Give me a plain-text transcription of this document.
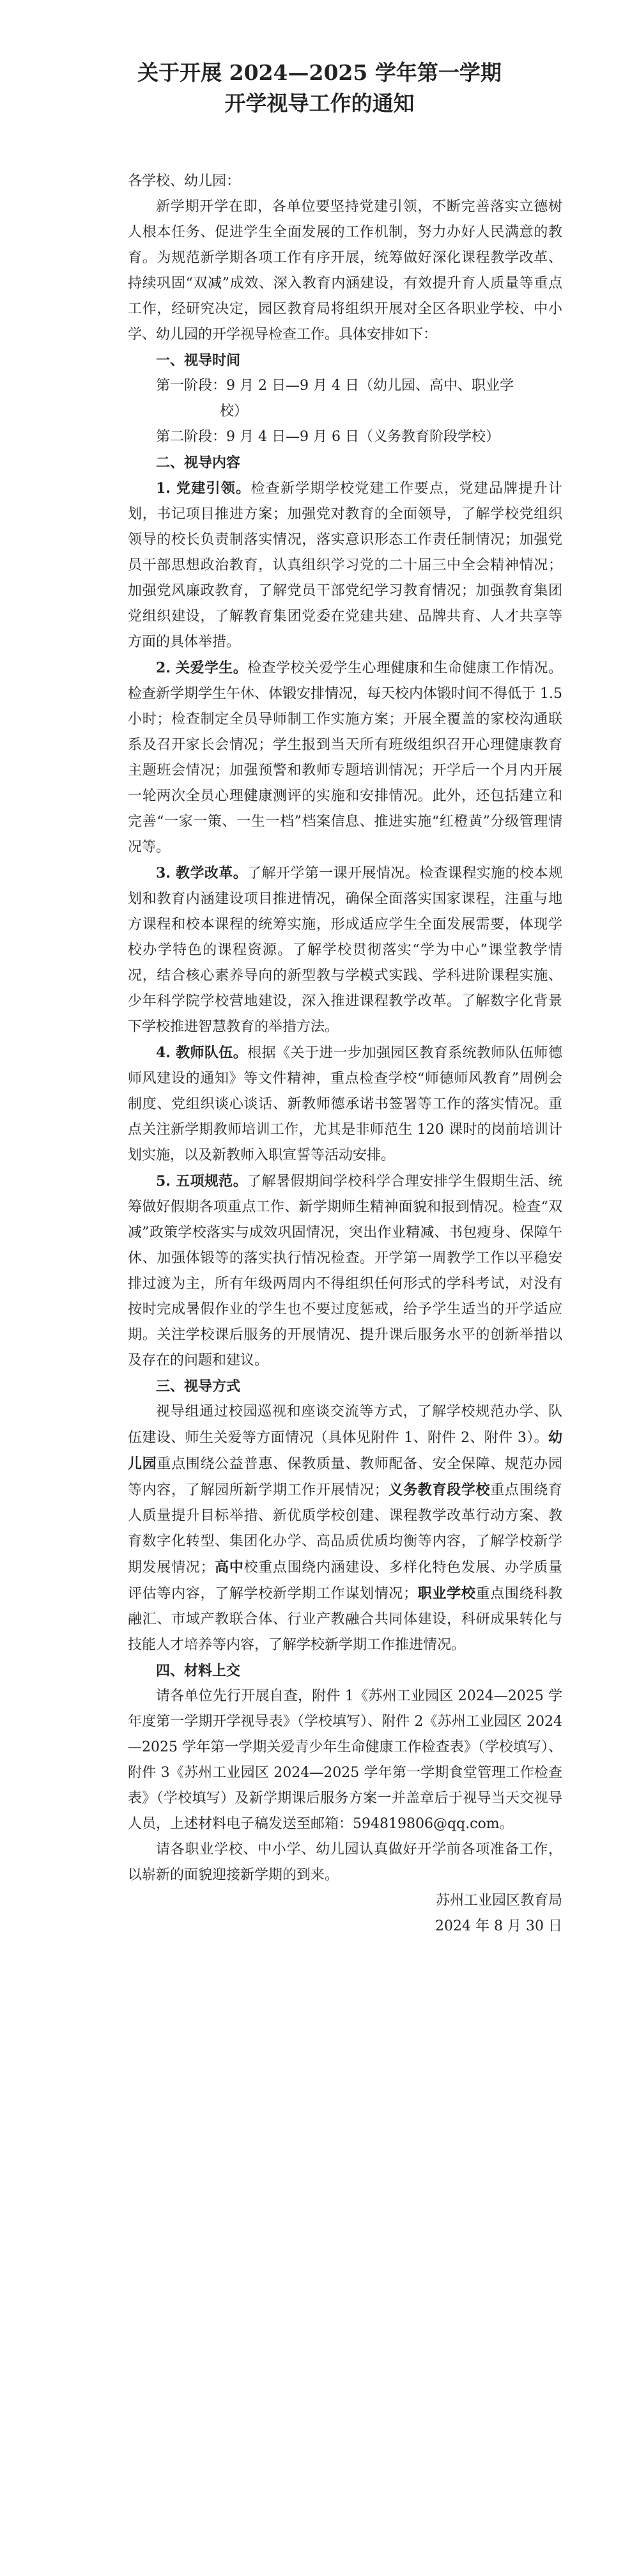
关于开展 2024—2025 学年第一学期
开学视导工作的通知

各学校、幼儿园：

新学期开学在即，各单位要坚持党建引领，不断完善落实立德树人根本任务、促进学生全面发展的工作机制，努力办好人民满意的教育。为规范新学期各项工作有序开展，统筹做好深化课程教学改革、持续巩固“双减”成效、深入教育内涵建设，有效提升育人质量等重点工作，经研究决定，园区教育局将组织开展对全区各职业学校、中小学、幼儿园的开学视导检查工作。具体安排如下：

一、视导时间

第一阶段：9 月 2 日—9 月 4 日（幼儿园、高中、职业学
校）
第二阶段：9 月 4 日—9 月 6 日（义务教育阶段学校）

二、视导内容

1. 党建引领。检查新学期学校党建工作要点，党建品牌提升计划，书记项目推进方案；加强党对教育的全面领导，了解学校党组织领导的校长负责制落实情况，落实意识形态工作责任制情况；加强党员干部思想政治教育，认真组织学习党的二十届三中全会精神情况；加强党风廉政教育，了解党员干部党纪学习教育情况；加强教育集团党组织建设，了解教育集团党委在党建共建、品牌共育、人才共享等方面的具体举措。

2. 关爱学生。检查学校关爱学生心理健康和生命健康工作情况。检查新学期学生午休、体锻安排情况，每天校内体锻时间不得低于 1.5 小时；检查制定全员导师制工作实施方案；开展全覆盖的家校沟通联系及召开家长会情况；学生报到当天所有班级组织召开心理健康教育主题班会情况；加强预警和教师专题培训情况；开学后一个月内开展一轮两次全员心理健康测评的实施和安排情况。此外，还包括建立和完善“一家一策、一生一档”档案信息、推进实施“红橙黄”分级管理情况等。

3. 教学改革。了解开学第一课开展情况。检查课程实施的校本规划和教育内涵建设项目推进情况，确保全面落实国家课程，注重与地方课程和校本课程的统筹实施，形成适应学生全面发展需要，体现学校办学特色的课程资源。了解学校贯彻落实“学为中心”课堂教学情况，结合核心素养导向的新型教与学模式实践、学科进阶课程实施、少年科学院学校营地建设，深入推进课程教学改革。了解数字化背景下学校推进智慧教育的举措方法。

4. 教师队伍。根据《关于进一步加强园区教育系统教师队伍师德师风建设的通知》等文件精神，重点检查学校“师德师风教育”周例会制度、党组织谈心谈话、新教师德承诺书签署等工作的落实情况。重点关注新学期教师培训工作，尤其是非师范生 120 课时的岗前培训计划实施，以及新教师入职宣誓等活动安排。

5. 五项规范。了解暑假期间学校科学合理安排学生假期生活、统筹做好假期各项重点工作、新学期师生精神面貌和报到情况。检查“双减”政策学校落实与成效巩固情况，突出作业精减、书包瘦身、保障午休、加强体锻等的落实执行情况检查。开学第一周教学工作以平稳安排过渡为主，所有年级两周内不得组织任何形式的学科考试，对没有按时完成暑假作业的学生也不要过度惩戒，给予学生适当的开学适应期。关注学校课后服务的开展情况、提升课后服务水平的创新举措以及存在的问题和建议。

三、视导方式

视导组通过校园巡视和座谈交流等方式，了解学校规范办学、队伍建设、师生关爱等方面情况（具体见附件 1、附件 2、附件 3）。幼儿园重点围绕公益普惠、保教质量、教师配备、安全保障、规范办园等内容，了解园所新学期工作开展情况；义务教育段学校重点围绕育人质量提升目标举措、新优质学校创建、课程教学改革行动方案、教育数字化转型、集团化办学、高品质优质均衡等内容，了解学校新学期发展情况；高中校重点围绕内涵建设、多样化特色发展、办学质量评估等内容，了解学校新学期工作谋划情况；职业学校重点围绕科教融汇、市域产教联合体、行业产教融合共同体建设，科研成果转化与技能人才培养等内容，了解学校新学期工作推进情况。

四、材料上交

请各单位先行开展自查，附件 1《苏州工业园区 2024—2025 学年度第一学期开学视导表》（学校填写）、附件 2《苏州工业园区 2024—2025 学年第一学期关爱青少年生命健康工作检查表》（学校填写）、附件 3《苏州工业园区 2024—2025 学年第一学期食堂管理工作检查表》（学校填写）及新学期课后服务方案一并盖章后于视导当天交视导人员，上述材料电子稿发送至邮箱：594819806@qq.com。

请各职业学校、中小学、幼儿园认真做好开学前各项准备工作，以崭新的面貌迎接新学期的到来。

苏州工业园区教育局

2024 年 8 月 30 日
